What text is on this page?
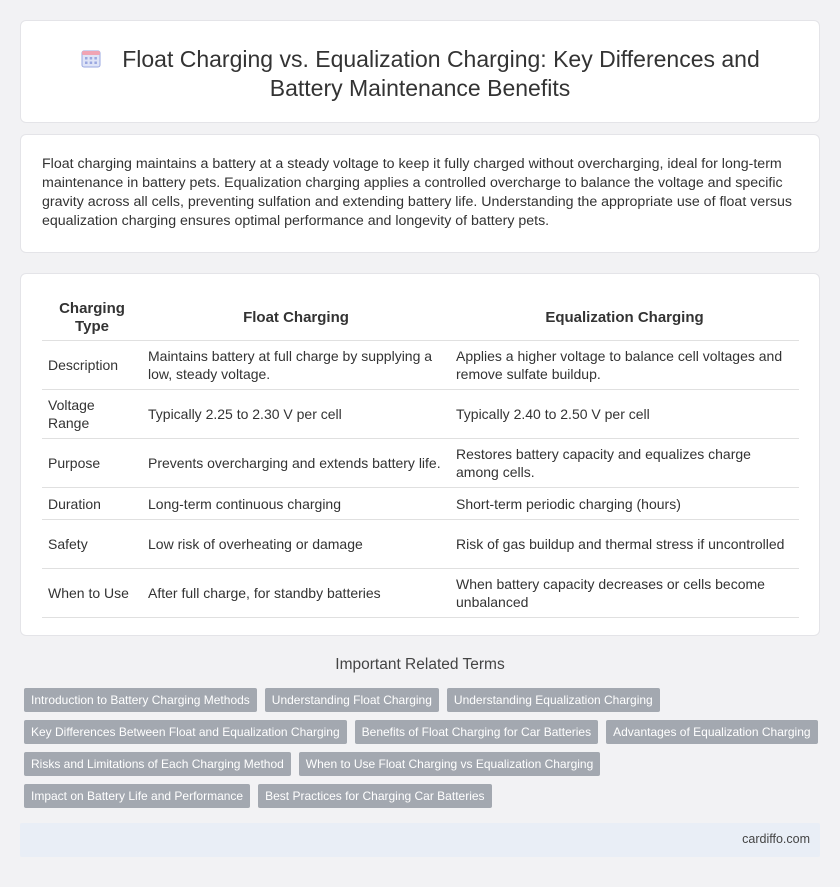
Float Charging vs. Equalization Charging: Key Differences and Battery Maintenance Benefits

Float charging maintains a battery at a steady voltage to keep it fully charged without overcharging, ideal for long-term maintenance in battery pets. Equalization charging applies a controlled overcharge to balance the voltage and specific gravity across all cells, preventing sulfation and extending battery life. Understanding the appropriate use of float versus equalization charging ensures optimal performance and longevity of battery pets.

Charging Type	Float Charging	Equalization Charging
Description	Maintains battery at full charge by supplying a low, steady voltage.	Applies a higher voltage to balance cell voltages and remove sulfate buildup.
Voltage Range	Typically 2.25 to 2.30 V per cell	Typically 2.40 to 2.50 V per cell
Purpose	Prevents overcharging and extends battery life.	Restores battery capacity and equalizes charge among cells.
Duration	Long-term continuous charging	Short-term periodic charging (hours)
Safety	Low risk of overheating or damage	Risk of gas buildup and thermal stress if uncontrolled
When to Use	After full charge, for standby batteries	When battery capacity decreases or cells become unbalanced
Important Related Terms
Introduction to Battery Charging Methods	Understanding Float Charging	Understanding Equalization Charging
Key Differences Between Float and Equalization Charging	Benefits of Float Charging for Car Batteries	Advantages of Equalization Charging
Risks and Limitations of Each Charging Method	When to Use Float Charging vs Equalization Charging
Impact on Battery Life and Performance	Best Practices for Charging Car Batteries
cardiffo.com
